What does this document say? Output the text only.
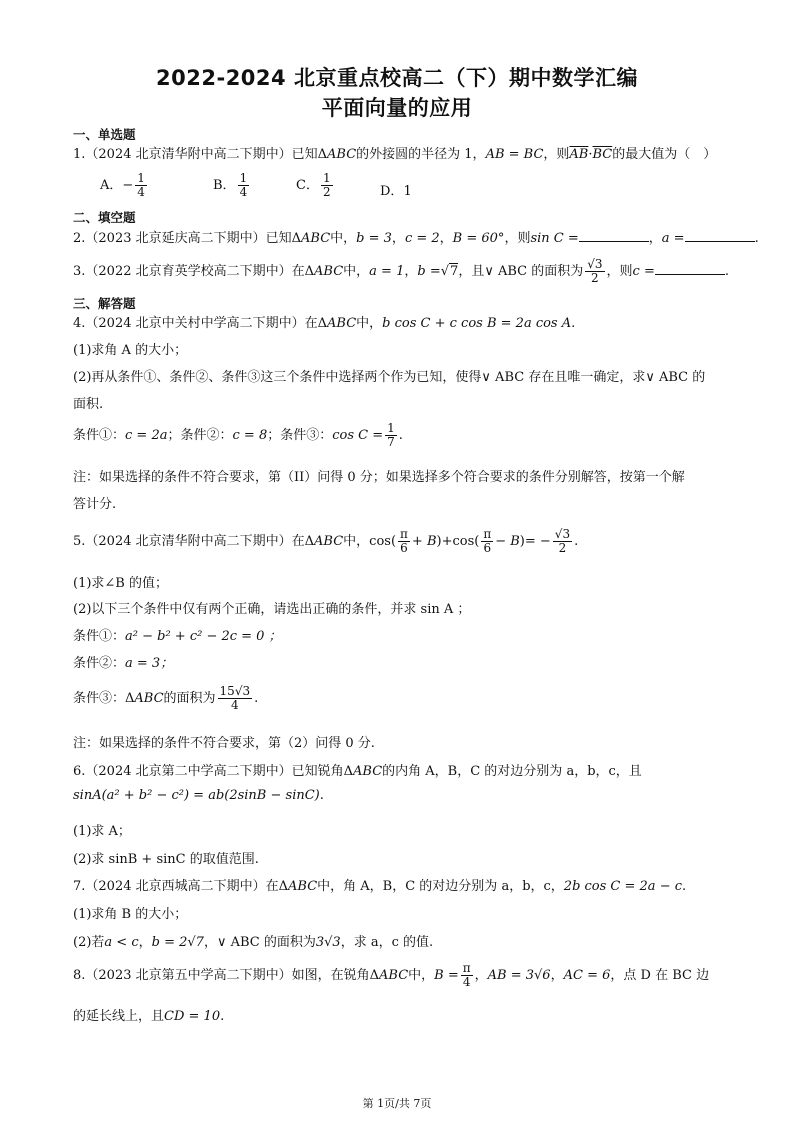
2022-2024 北京重点校高二（下）期中数学汇编
平面向量的应用
一、单选题
1.（2024 北京清华附中高二下期中）已知ΔABC的外接圆的半径为 1，AB = BC，则$\overline{AB}\cdot\overline{BC}$的最大值为（　）
A．− $\frac{1}{4}$	B． $\frac{1}{4}$	C． $\frac{1}{2}$	D．1
二、填空题
2.（2023 北京延庆高二下期中）已知ΔABC中，b = 3，c = 2，B = 60°，则sin C =	，a =	.
3.（2022 北京育英学校高二下期中）在ΔABC中，a = 1，b =√7，且∨ ABC 的面积为 $\frac{√3}{2}$ ，则c =	.
三、解答题
4.（2024 北京中关村中学高二下期中）在ΔABC中，b cos C + c cos B = 2a cos A.
(1)求角 A 的大小；
(2)再从条件①、条件②、条件③这三个条件中选择两个作为已知，使得∨ ABC 存在且唯一确定，求∨ ABC 的
面积.
条件①：c = 2a；条件②：c = 8；条件③：$\cos C = \frac{1}{7}$ .
注：如果选择的条件不符合要求，第（II）问得 0 分；如果选择多个符合要求的条件分别解答，按第一个解
答计分.
5.（2024 北京清华附中高二下期中）在ΔABC中，$\cos( \frac{\pi}{6} + B)+\cos( \frac{\pi}{6} - B)= - \frac{√3}{2}$ .
(1)求∠B 的值；
(2)以下三个条件中仅有两个正确，请选出正确的条件，并求 sin A ；
条件①：a² − b² + c² − 2c = 0 ；
条件②：a = 3；
条件③：ΔABC的面积为 $\frac{15√3}{4}$ .
注：如果选择的条件不符合要求，第（2）问得 0 分.
6.（2024 北京第二中学高二下期中）已知锐角ΔABC的内角 A，B，C 的对边分别为 a，b，c，且
sinA(a² + b² − c²) = ab(2sinB − sinC).
(1)求 A；
(2)求 sinB + sinC 的取值范围.
7.（2024 北京西城高二下期中）在ΔABC中，角 A，B，C 的对边分别为 a，b，c，2b cos C = 2a − c.
(1)求角 B 的大小；
(2)若a < c，b = 2√7，∨ ABC 的面积为3√3，求 a，c 的值.
8.（2023 北京第五中学高二下期中）如图，在锐角ΔABC中，$B = \frac{\pi}{4}$ ，AB = 3√6，AC = 6，点 D 在 BC 边
的延长线上，且CD = 10.
第 1页/共 7页
